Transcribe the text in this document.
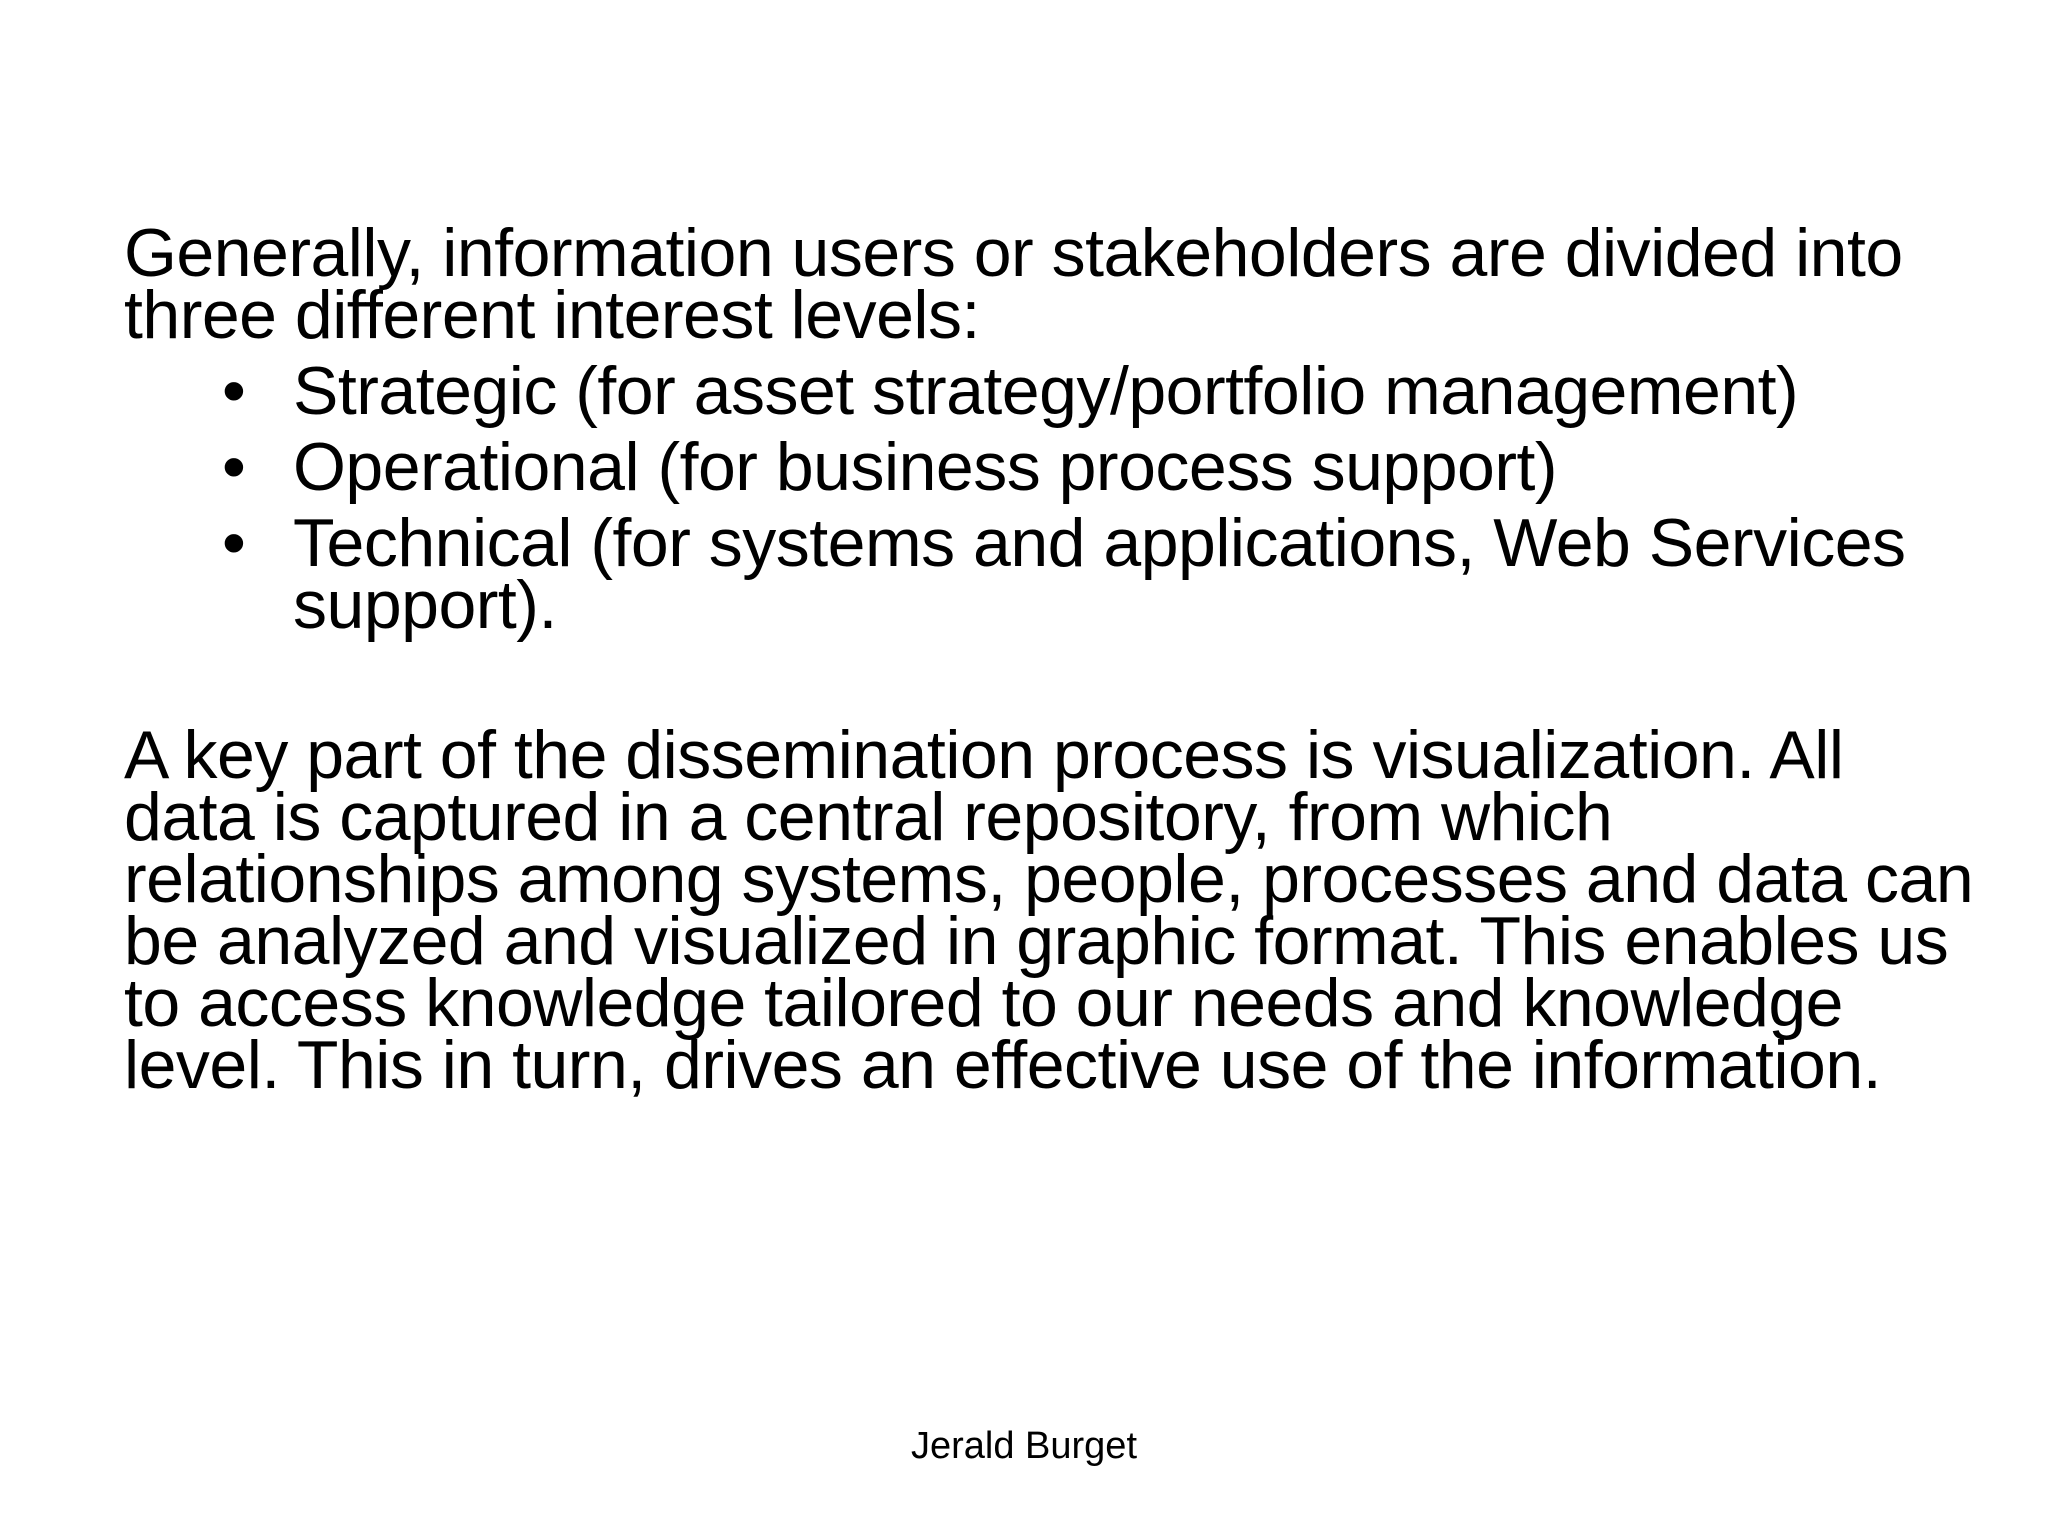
Generally, information users or stakeholders are divided into three different interest levels:

• Strategic (for asset strategy/portfolio management)
• Operational (for business process support)
• Technical (for systems and applications, Web Services support).

A key part of the dissemination process is visualization. All data is captured in a central repository, from which relationships among systems, people, processes and data can be analyzed and visualized in graphic format. This enables us to access knowledge tailored to our needs and knowledge level. This in turn, drives an effective use of the information.

Jerald Burget
